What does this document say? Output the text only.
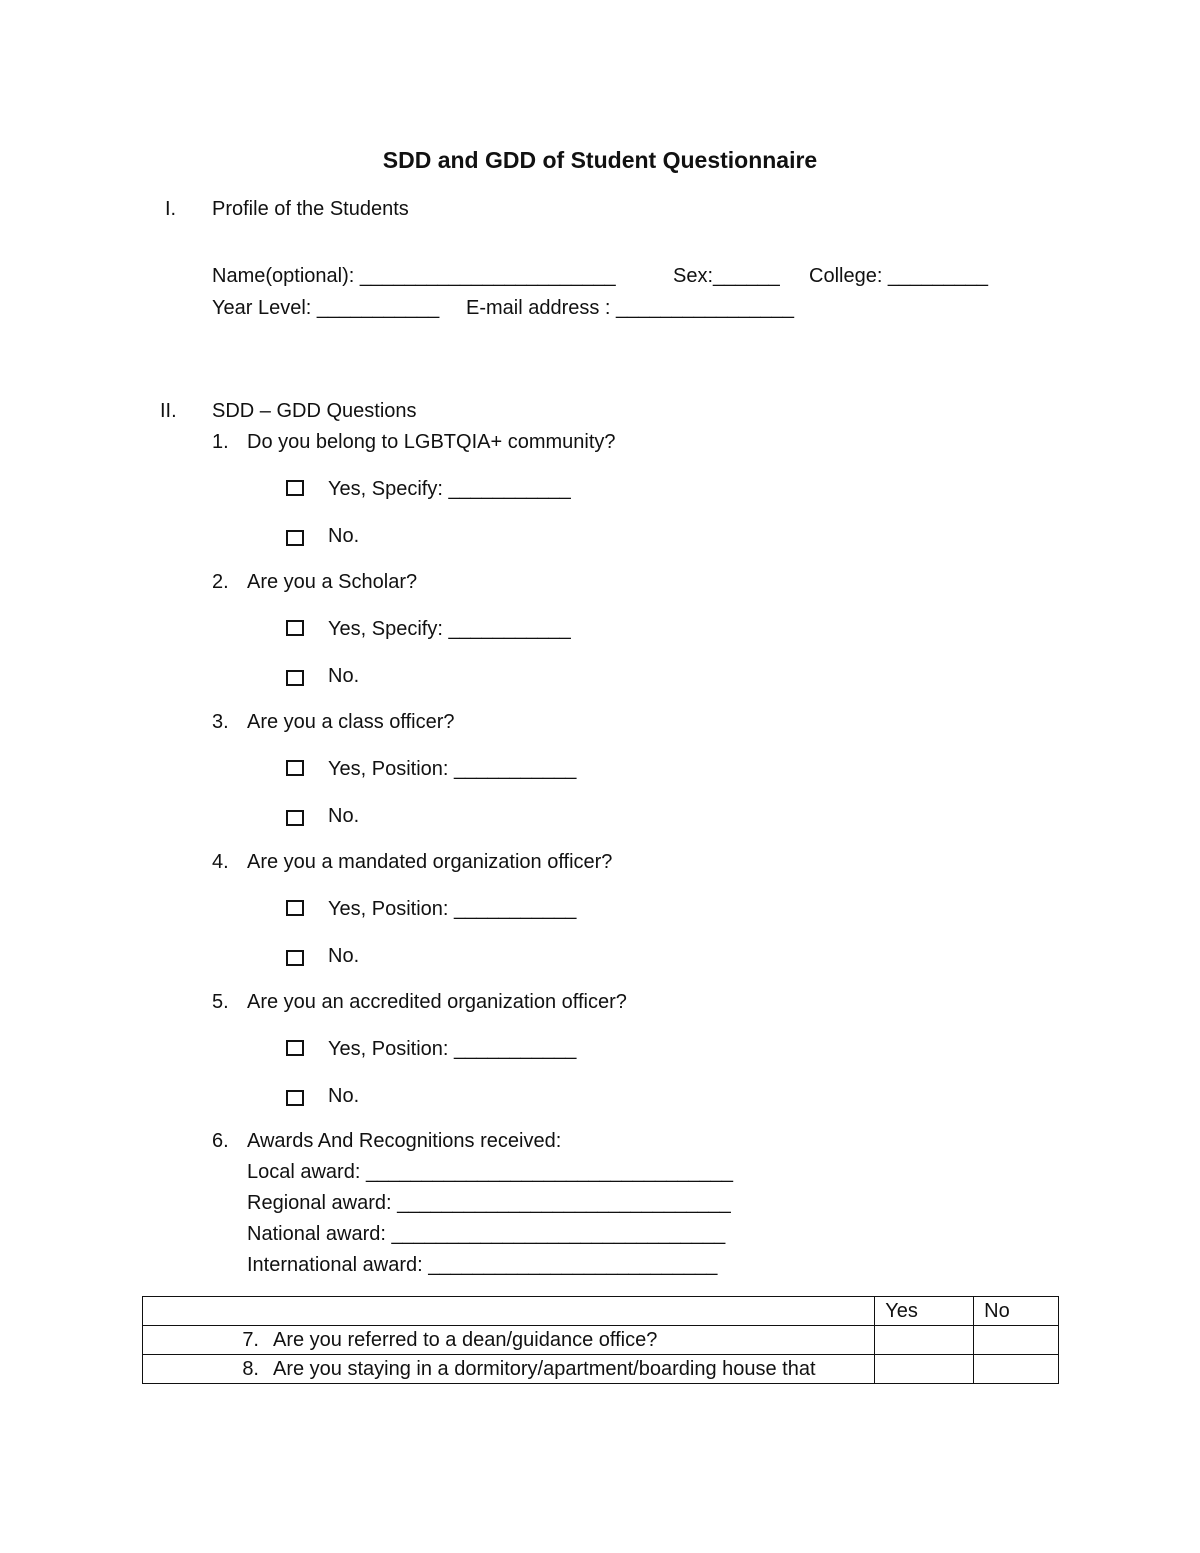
SDD and GDD of Student Questionnaire
I. Profile of the Students
Name(optional): _______________________	Sex:______ College: _________
Year Level: ___________ E-mail address : ________________
II. SDD – GDD Questions
1. Do you belong to LGBTQIA+ community?
Yes, Specify: ___________
No.
2. Are you a Scholar?
Yes, Specify: ___________
No.
3. Are you a class officer?
Yes, Position: ___________
No.
4. Are you a mandated organization officer?
Yes, Position: ___________
No.
5. Are you an accredited organization officer?
Yes, Position: ___________
No.
6. Awards And Recognitions received:
Local award: _________________________________
Regional award: ______________________________
National award: ______________________________
International award: __________________________
	Yes	No
7. Are you referred to a dean/guidance office?		
8. Are you staying in a dormitory/apartment/boarding house that		
